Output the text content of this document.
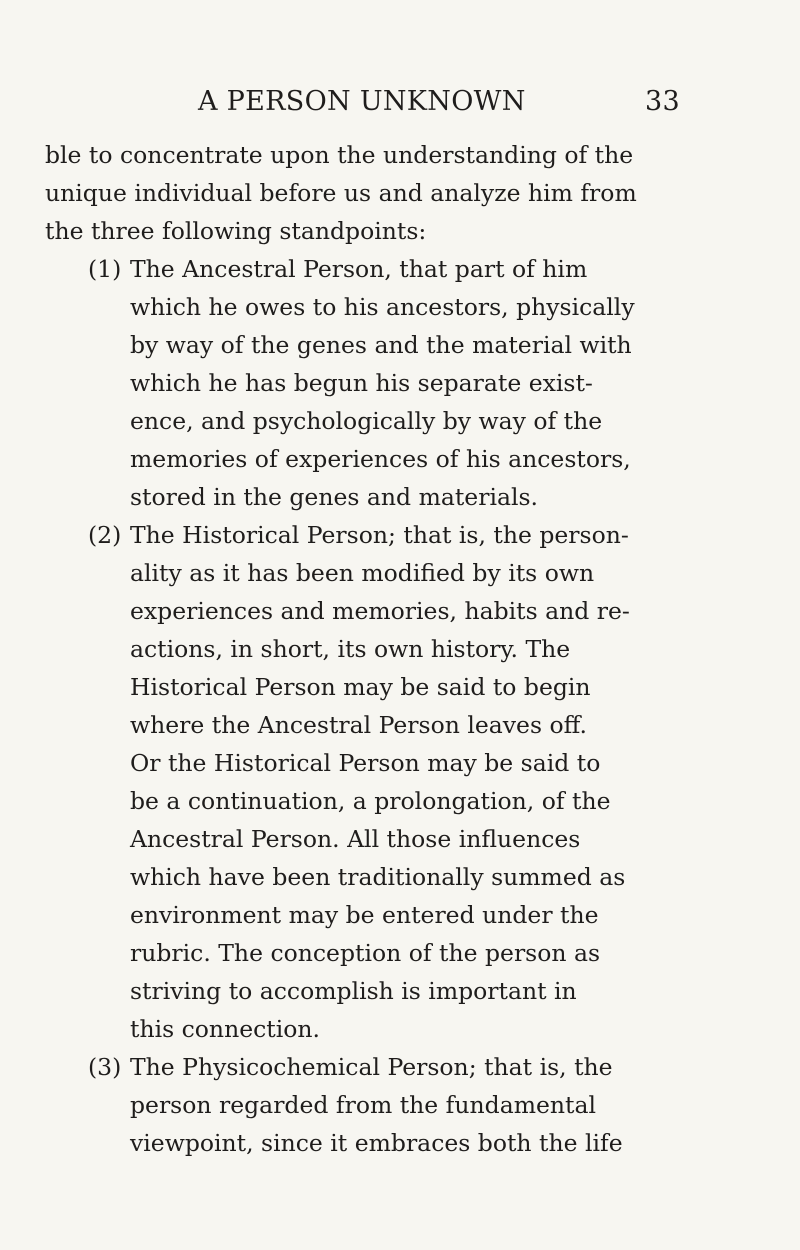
A PERSON UNKNOWN	33
ble to concentrate upon the understanding of the
unique individual before us and analyze him from
the three following standpoints:
(1) The Ancestral Person, that part of him
which he owes to his ancestors, physically
by way of the genes and the material with
which he has begun his separate exist-
ence, and psychologically by way of the
memories of experiences of his ancestors,
stored in the genes and materials.
(2) The Historical Person; that is, the person-
ality as it has been modified by its own
experiences and memories, habits and re-
actions, in short, its own history. The
Historical Person may be said to begin
where the Ancestral Person leaves off.
Or the Historical Person may be said to
be a continuation, a prolongation, of the
Ancestral Person. All those influences
which have been traditionally summed as
environment may be entered under the
rubric. The conception of the person as
striving to accomplish is important in
this connection.
(3) The Physicochemical Person; that is, the
person regarded from the fundamental
viewpoint, since it embraces both the life
